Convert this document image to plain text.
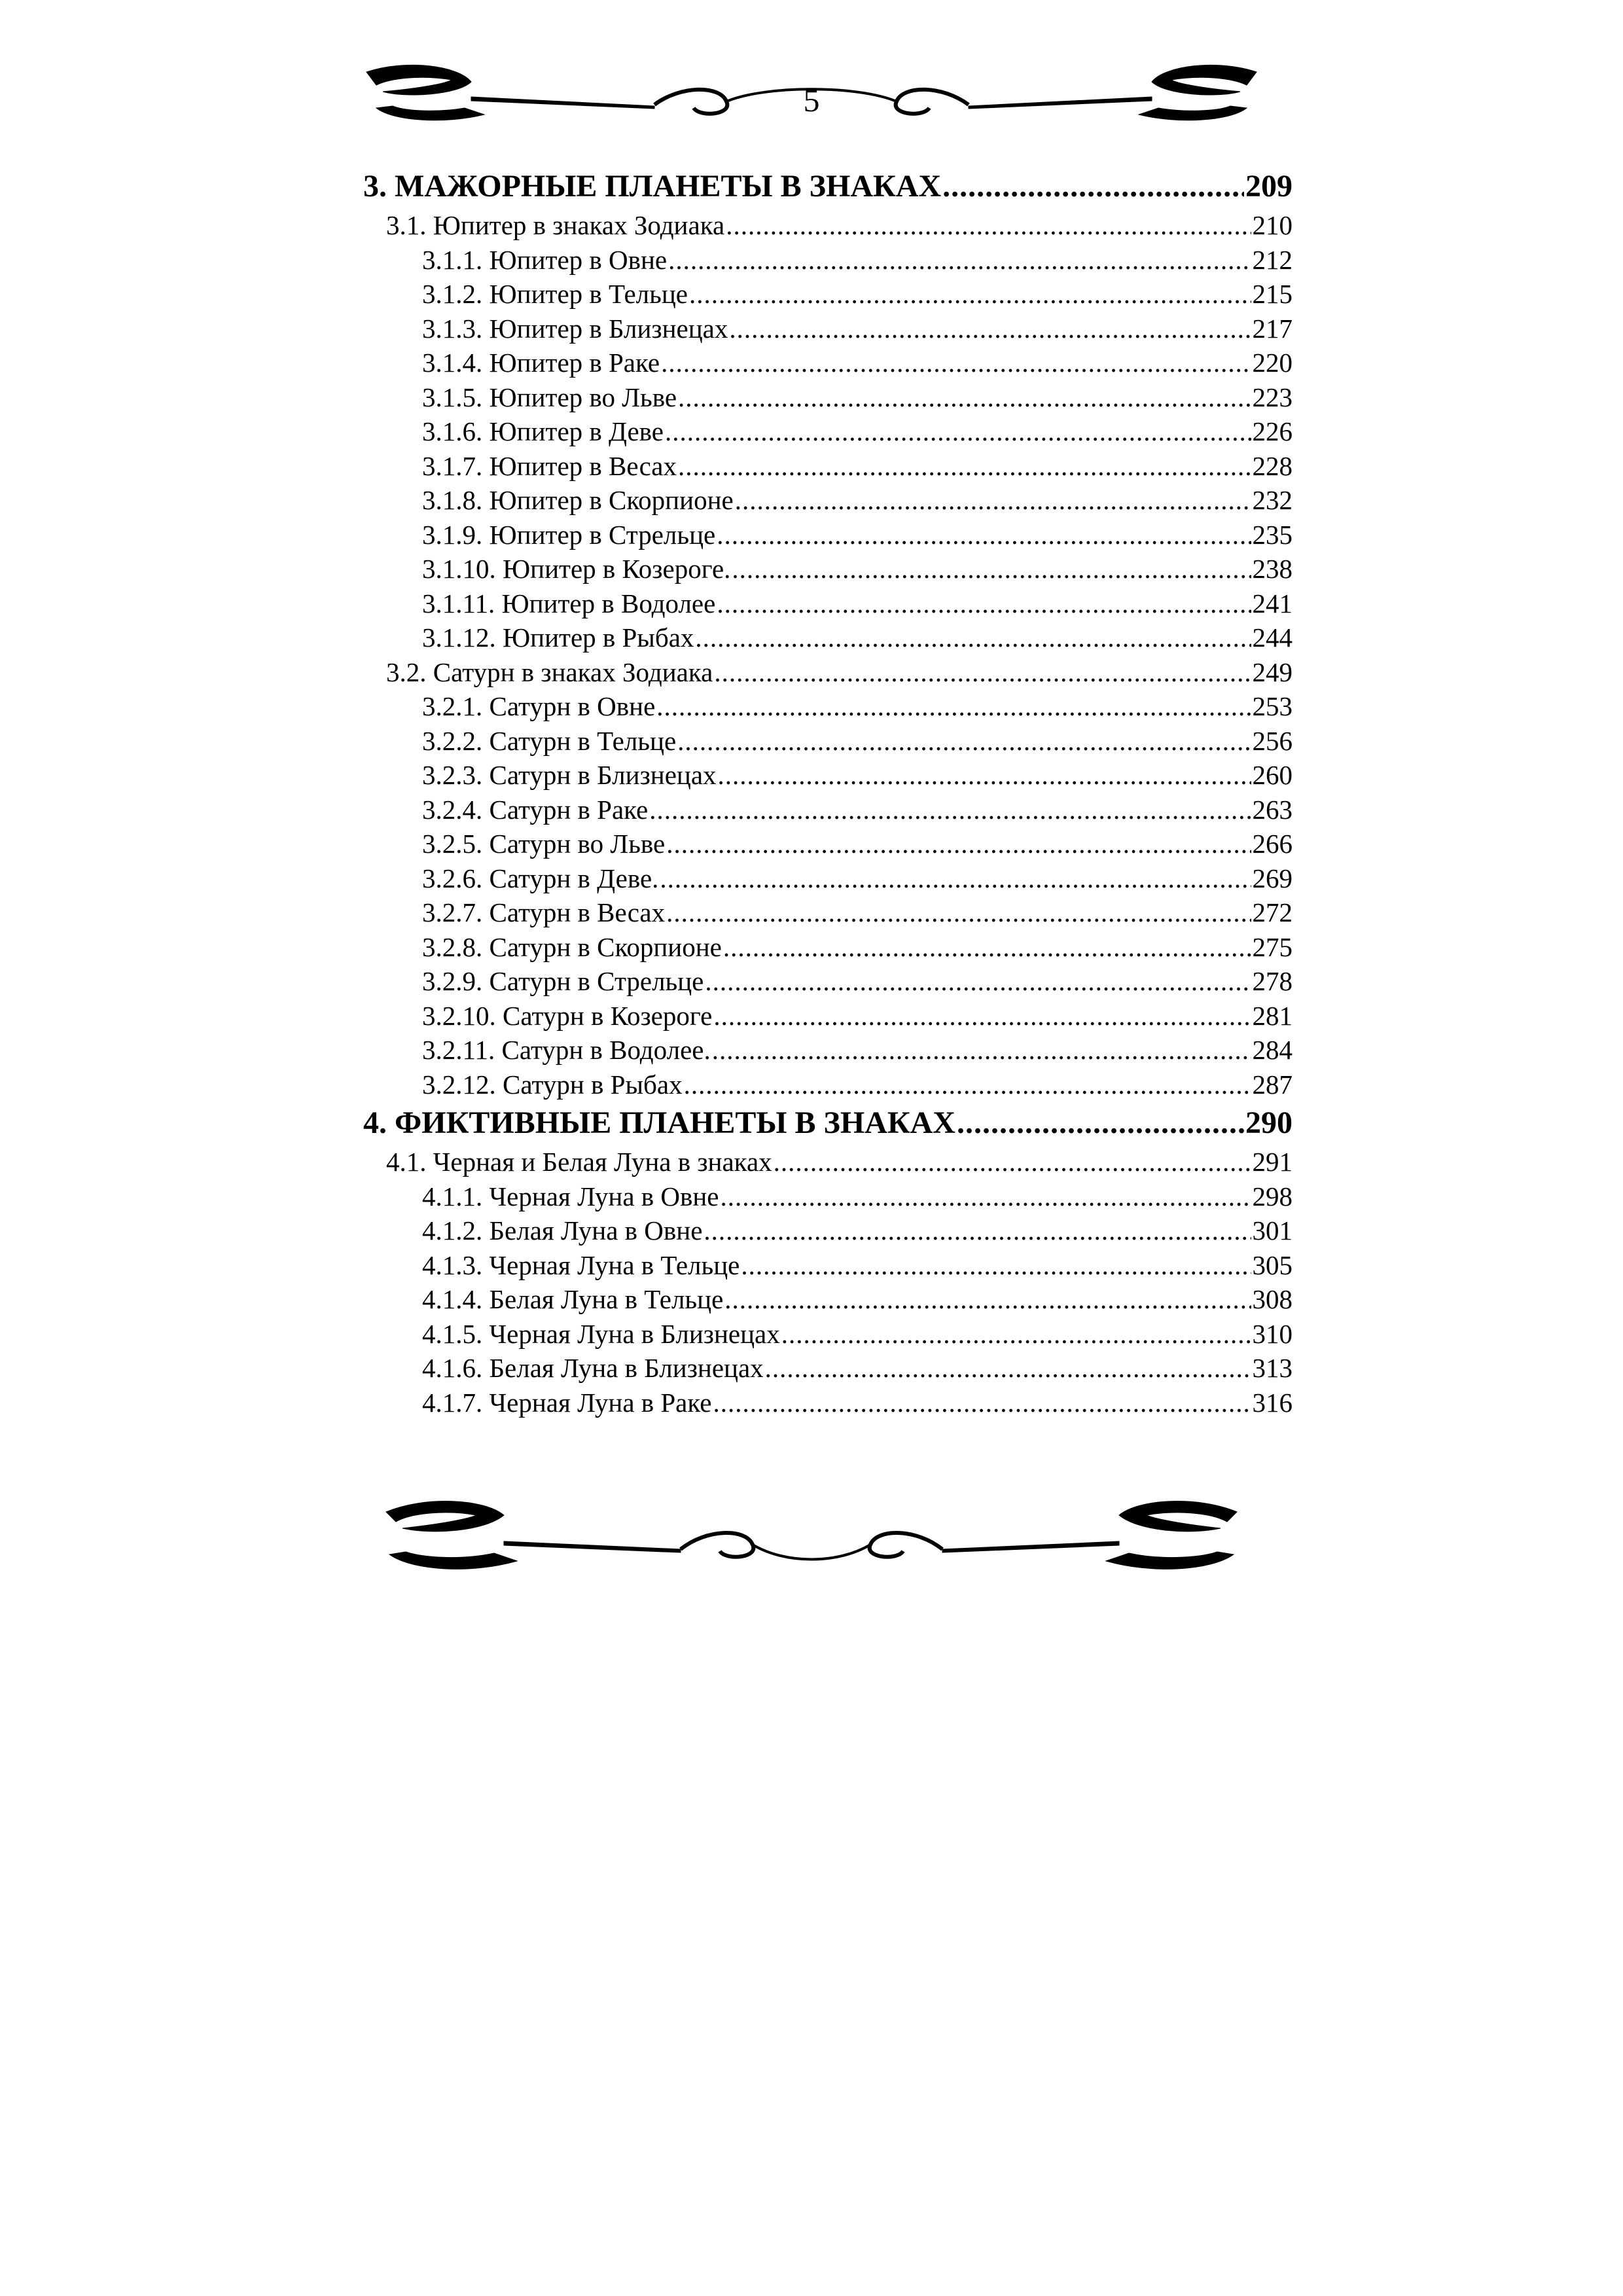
5
3. МАЖОРНЫЕ ПЛАНЕТЫ В ЗНАКАХ .....	209
3.1. Юпитер в знаках Зодиака .....	210
3.1.1. Юпитер в Овне .....	212
3.1.2. Юпитер в Тельце .....	215
3.1.3. Юпитер в Близнецах .....	217
3.1.4. Юпитер в Раке .....	220
3.1.5. Юпитер во Льве .....	223
3.1.6. Юпитер в Деве .....	226
3.1.7. Юпитер в Весах .....	228
3.1.8. Юпитер в Скорпионе .....	232
3.1.9. Юпитер в Стрельце .....	235
3.1.10. Юпитер в Козероге. .....	238
3.1.11. Юпитер в Водолее .....	241
3.1.12. Юпитер в Рыбах .....	244
3.2. Сатурн в знаках Зодиака .....	249
3.2.1. Сатурн в Овне .....	253
3.2.2. Сатурн в Тельце .....	256
3.2.3. Сатурн в Близнецах .....	260
3.2.4. Сатурн в Раке .....	263
3.2.5. Сатурн во Льве .....	266
3.2.6. Сатурн в Деве. .....	269
3.2.7. Сатурн в Весах .....	272
3.2.8. Сатурн в Скорпионе .....	275
3.2.9. Сатурн в Стрельце .....	278
3.2.10. Сатурн в Козероге .....	281
3.2.11. Сатурн в Водолее. .....	284
3.2.12. Сатурн в Рыбах .....	287
4. ФИКТИВНЫЕ ПЛАНЕТЫ В ЗНАКАХ .....	290
4.1. Черная и Белая Луна в знаках .....	291
4.1.1. Черная Луна в Овне .....	298
4.1.2. Белая Луна в Овне .....	301
4.1.3. Черная Луна в Тельце .....	305
4.1.4. Белая Луна в Тельце .....	308
4.1.5. Черная Луна в Близнецах .....	310
4.1.6. Белая Луна в Близнецах .....	313
4.1.7. Черная Луна в Раке .....	316
